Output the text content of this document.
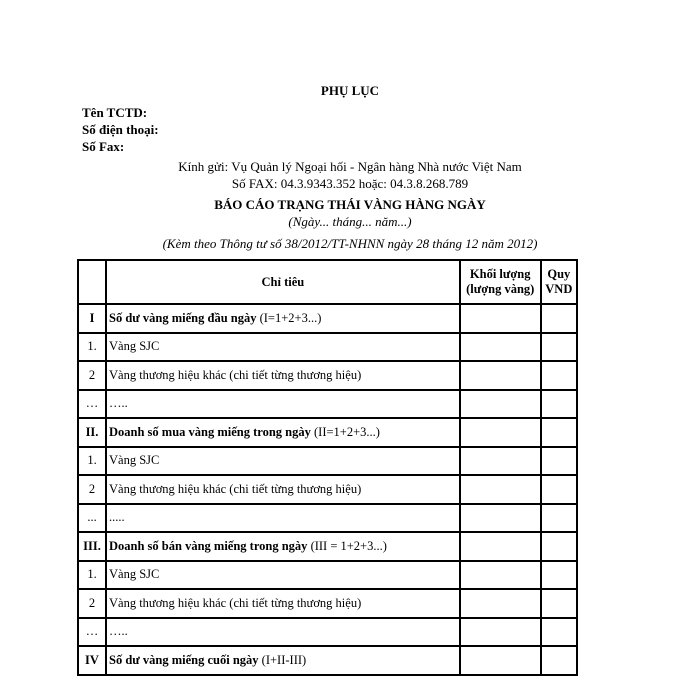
PHỤ LỤC
Tên TCTD:
Số điện thoại:
Số Fax:
Kính gửi: Vụ Quản lý Ngoại hối - Ngân hàng Nhà nước Việt Nam
Số FAX: 04.3.9343.352 hoặc: 04.3.8.268.789
BÁO CÁO TRẠNG THÁI VÀNG HÀNG NGÀY
(Ngày... tháng... năm...)
(Kèm theo Thông tư số 38/2012/TT-NHNN ngày 28 tháng 12 năm 2012)
	Chỉ tiêu	Khối lượng (lượng vàng)	Quy VND
I	Số dư vàng miếng đầu ngày (I=1+2+3...)		
1.	Vàng SJC		
2	Vàng thương hiệu khác (chi tiết từng thương hiệu)		
…	…..		
II.	Doanh số mua vàng miếng trong ngày (II=1+2+3...)		
1.	Vàng SJC		
2	Vàng thương hiệu khác (chi tiết từng thương hiệu)		
...	.....		
III.	Doanh số bán vàng miếng trong ngày (III = 1+2+3...)		
1.	Vàng SJC		
2	Vàng thương hiệu khác (chi tiết từng thương hiệu)		
…	…..		
IV	Số dư vàng miếng cuối ngày (I+II-III)		
